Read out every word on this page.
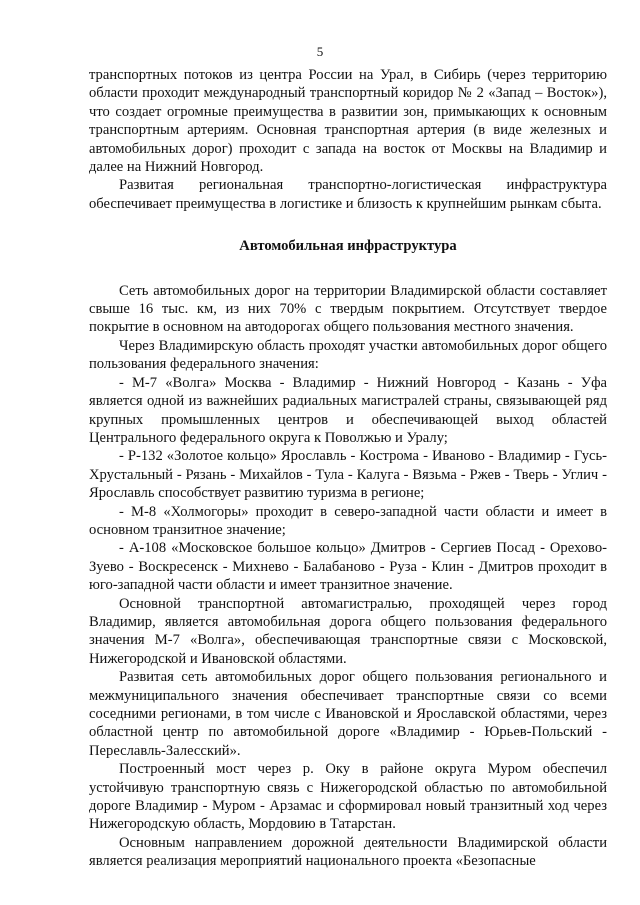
5

транспортных потоков из центра России на Урал, в Сибирь (через территорию области проходит международный транспортный коридор № 2 «Запад – Восток»), что создает огромные преимущества в развитии зон, примыкающих к основным транспортным артериям. Основная транспортная артерия (в виде железных и автомобильных дорог) проходит с запада на восток от Москвы на Владимир и далее на Нижний Новгород.

Развитая региональная транспортно-логистическая инфраструктура обеспечивает преимущества в логистике и близость к крупнейшим рынкам сбыта.

Автомобильная инфраструктура

Сеть автомобильных дорог на территории Владимирской области составляет свыше 16 тыс. км, из них 70% с твердым покрытием. Отсутствует твердое покрытие в основном на автодорогах общего пользования местного значения.

Через Владимирскую область проходят участки автомобильных дорог общего пользования федерального значения:

- М-7 «Волга» Москва - Владимир - Нижний Новгород - Казань - Уфа является одной из важнейших радиальных магистралей страны, связывающей ряд крупных промышленных центров и обеспечивающей выход областей Центрального федерального округа к Поволжью и Уралу;

- Р-132 «Золотое кольцо» Ярославль - Кострома - Иваново - Владимир - Гусь-Хрустальный - Рязань - Михайлов - Тула - Калуга - Вязьма - Ржев - Тверь - Углич - Ярославль способствует развитию туризма в регионе;

- М-8 «Холмогоры» проходит в северо-западной части области и имеет в основном транзитное значение;

- А-108 «Московское большое кольцо» Дмитров - Сергиев Посад - Орехово-Зуево - Воскресенск - Михнево - Балабаново - Руза - Клин - Дмитров проходит в юго-западной части области и имеет транзитное значение.

Основной транспортной автомагистралью, проходящей через город Владимир, является автомобильная дорога общего пользования федерального значения М-7 «Волга», обеспечивающая транспортные связи с Московской, Нижегородской и Ивановской областями.

Развитая сеть автомобильных дорог общего пользования регионального и межмуниципального значения обеспечивает транспортные связи со всеми соседними регионами, в том числе с Ивановской и Ярославской областями, через областной центр по автомобильной дороге «Владимир - Юрьев-Польский - Переславль-Залесский».

Построенный мост через р. Оку в районе округа Муром обеспечил устойчивую транспортную связь с Нижегородской областью по автомобильной дороге Владимир - Муром - Арзамас и сформировал новый транзитный ход через Нижегородскую область, Мордовию в Татарстан.

Основным направлением дорожной деятельности Владимирской области является реализация мероприятий национального проекта «Безопасные
